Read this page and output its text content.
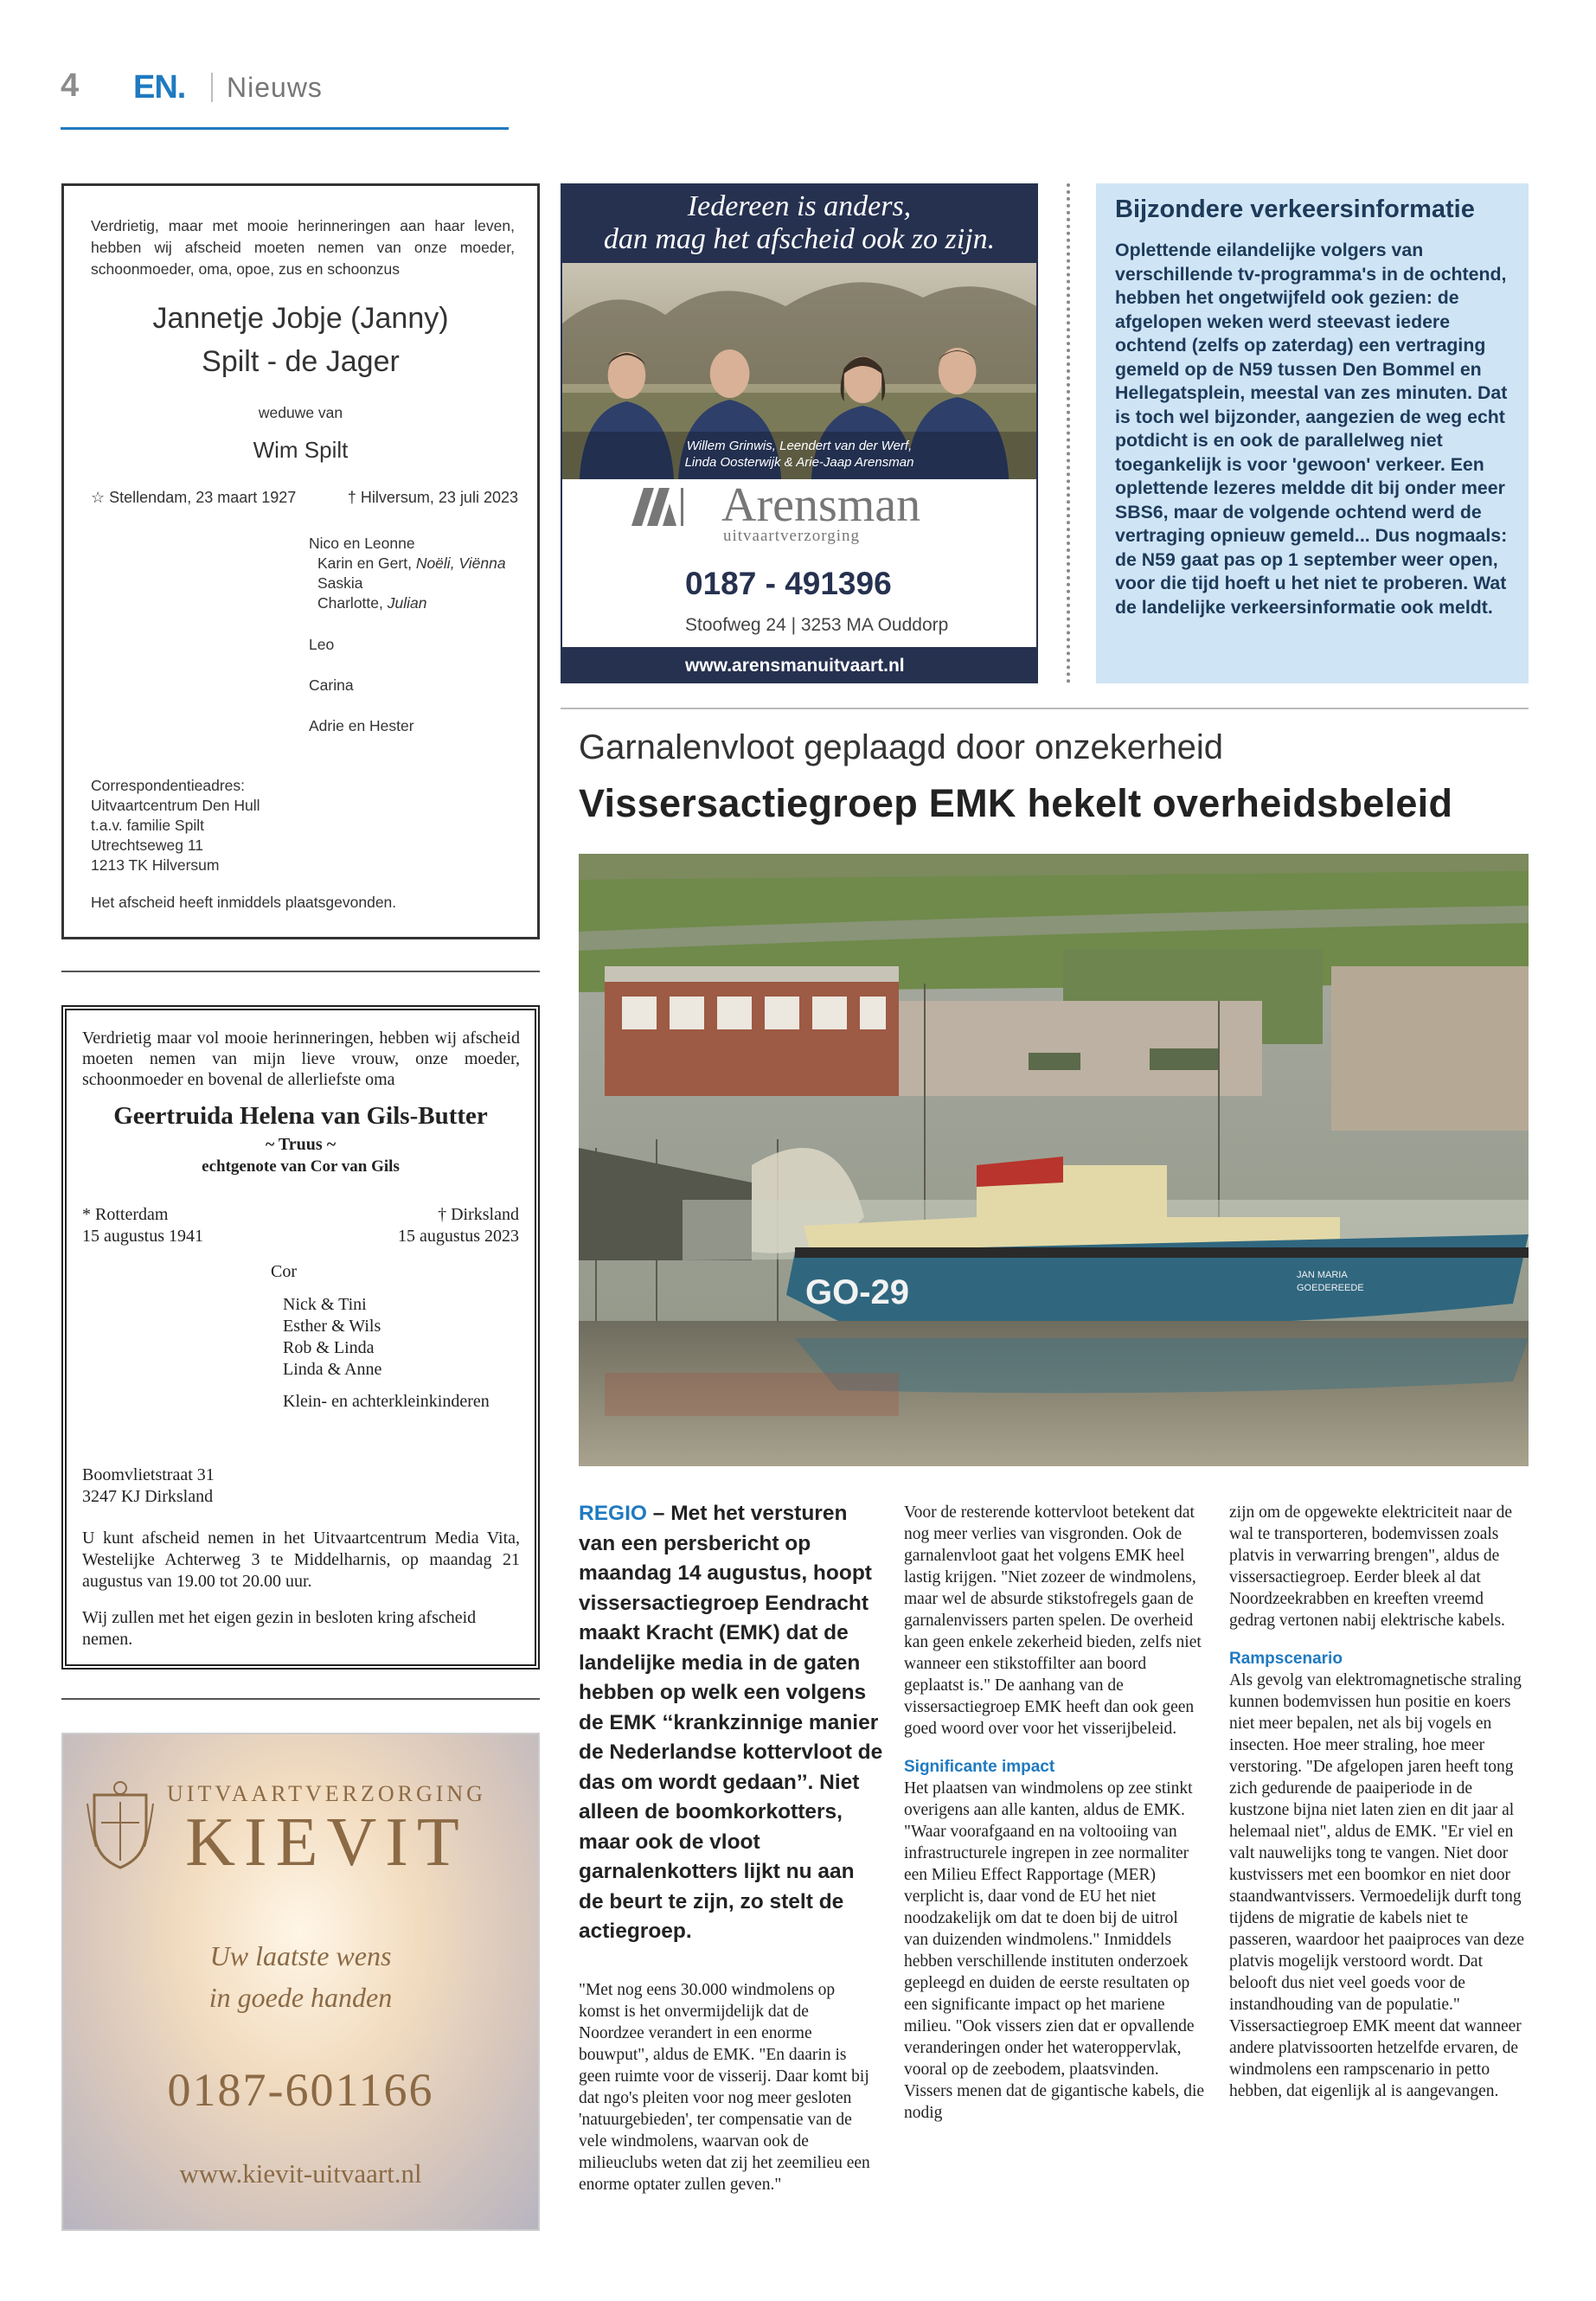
4 EN. Nieuws
Verdrietig, maar met mooie herinneringen aan haar leven, hebben wij afscheid moeten nemen van onze moeder, schoonmoeder, oma, opoe, zus en schoonzus
Jannetje Jobje (Janny)
Spilt - de Jager
weduwe van
Wim Spilt
☆ Stellendam, 23 maart 1927	† Hilversum, 23 juli 2023
Nico en Leonne
Karin en Gert, Noëli, Viënna
Saskia
Charlotte, Julian
Leo
Carina
Adrie en Hester
Correspondentieadres:
Uitvaartcentrum Den Hull
t.a.v. familie Spilt
Utrechtseweg 11
1213 TK Hilversum
Het afscheid heeft inmiddels plaatsgevonden.
Verdrietig maar vol mooie herinneringen, hebben wij afscheid moeten nemen van mijn lieve vrouw, onze moeder, schoonmoeder en bovenal de allerliefste oma
Geertruida Helena van Gils-Butter
~ Truus ~
echtgenote van Cor van Gils
* Rotterdam
15 augustus 1941
† Dirksland
15 augustus 2023
Cor
Nick & Tini
Esther & Wils
Rob & Linda
Linda & Anne
Klein- en achterkleinkinderen
Boomvlietstraat 31
3247 KJ Dirksland
U kunt afscheid nemen in het Uitvaartcentrum Media Vita, Westelijke Achterweg 3 te Middelharnis, op maandag 21 augustus van 19.00 tot 20.00 uur.
Wij zullen met het eigen gezin in besloten kring afscheid nemen.
UITVAARTVERZORGING
KIEVIT
Uw laatste wens
in goede handen
0187-601166
www.kievit-uitvaart.nl
Iedereen is anders,
dan mag het afscheid ook zo zijn.
Willem Grinwis, Leendert van der Werf,
Linda Oosterwijk & Arie-Jaap Arensman
Arensman
uitvaartverzorging
0187 - 491396
Stoofweg 24 | 3253 MA Ouddorp
www.arensmanuitvaart.nl
Bijzondere verkeersinformatie
Oplettende eilandelijke volgers van verschillende tv-programma's in de ochtend, hebben het ongetwijfeld ook gezien: de afgelopen weken werd steevast iedere ochtend (zelfs op zaterdag) een vertraging gemeld op de N59 tussen Den Bommel en Hellegatsplein, meestal van zes minuten. Dat is toch wel bijzonder, aangezien de weg echt potdicht is en ook de parallelweg niet toegankelijk is voor 'gewoon' verkeer. Een oplettende lezeres meldde dit bij onder meer SBS6, maar de volgende ochtend werd de vertraging opnieuw gemeld... Dus nogmaals: de N59 gaat pas op 1 september weer open, voor die tijd hoeft u het niet te proberen. Wat de landelijke verkeersinformatie ook meldt.
Garnalenvloot geplaagd door onzekerheid
Vissersactiegroep EMK hekelt overheidsbeleid
GO-29	JAN MARIA
GOEDEREEDE
REGIO – Met het versturen van een persbericht op maandag 14 augustus, hoopt vissersactiegroep Eendracht maakt Kracht (EMK) dat de landelijke media in de gaten hebben op welk een volgens de EMK ‘‘krankzinnige manier de Nederlandse kottervloot de das om wordt gedaan’’. Niet alleen de boomkorkotters, maar ook de vloot garnalenkotters lijkt nu aan de beurt te zijn, zo stelt de actiegroep.
"Met nog eens 30.000 windmolens op komst is het onvermijdelijk dat de Noordzee verandert in een enorme bouwput", aldus de EMK. "En daarin is geen ruimte voor de visserij. Daar komt bij dat ngo's pleiten voor nog meer gesloten 'natuurgebieden', ter compensatie van de vele windmolens, waarvan ook de milieuclubs weten dat zij het zeemilieu een enorme optater zullen geven."
Voor de resterende kottervloot betekent dat nog meer verlies van visgronden. Ook de garnalenvloot gaat het volgens EMK heel lastig krijgen. "Niet zozeer de windmolens, maar wel de absurde stikstofregels gaan de garnalenvissers parten spelen. De overheid kan geen enkele zekerheid bieden, zelfs niet wanneer een stikstoffilter aan boord geplaatst is." De aanhang van de vissersactiegroep EMK heeft dan ook geen goed woord over voor het visserijbeleid.
Significante impact
Het plaatsen van windmolens op zee stinkt overigens aan alle kanten, aldus de EMK. "Waar voorafgaand en na voltooiing van infrastructurele ingrepen in zee normaliter een Milieu Effect Rapportage (MER) verplicht is, daar vond de EU het niet noodzakelijk om dat te doen bij de uitrol van duizenden windmolens." Inmiddels hebben verschillende instituten onderzoek gepleegd en duiden de eerste resultaten op een significante impact op het mariene milieu. "Ook vissers zien dat er opvallende veranderingen onder het wateroppervlak, vooral op de zeebodem, plaatsvinden. Vissers menen dat de gigantische kabels, die nodig
zijn om de opgewekte elektriciteit naar de wal te transporteren, bodemvissen zoals platvis in verwarring brengen", aldus de vissersactiegroep. Eerder bleek al dat Noordzeekrabben en kreeften vreemd gedrag vertonen nabij elektrische kabels.
Rampscenario
Als gevolg van elektromagnetische straling kunnen bodemvissen hun positie en koers niet meer bepalen, net als bij vogels en insecten. Hoe meer straling, hoe meer verstoring. "De afgelopen jaren heeft tong zich gedurende de paaiperiode in de kustzone bijna niet laten zien en dit jaar al helemaal niet", aldus de EMK. "Er viel en valt nauwelijks tong te vangen. Niet door kustvissers met een boomkor en niet door staandwantvissers. Vermoedelijk durft tong tijdens de migratie de kabels niet te passeren, waardoor het paaiproces van deze platvis mogelijk verstoord wordt. Dat belooft dus niet veel goeds voor de instandhouding van de populatie." Vissersactiegroep EMK meent dat wanneer andere platvissoorten hetzelfde ervaren, de windmolens een rampscenario in petto hebben, dat eigenlijk al is aangevangen.
